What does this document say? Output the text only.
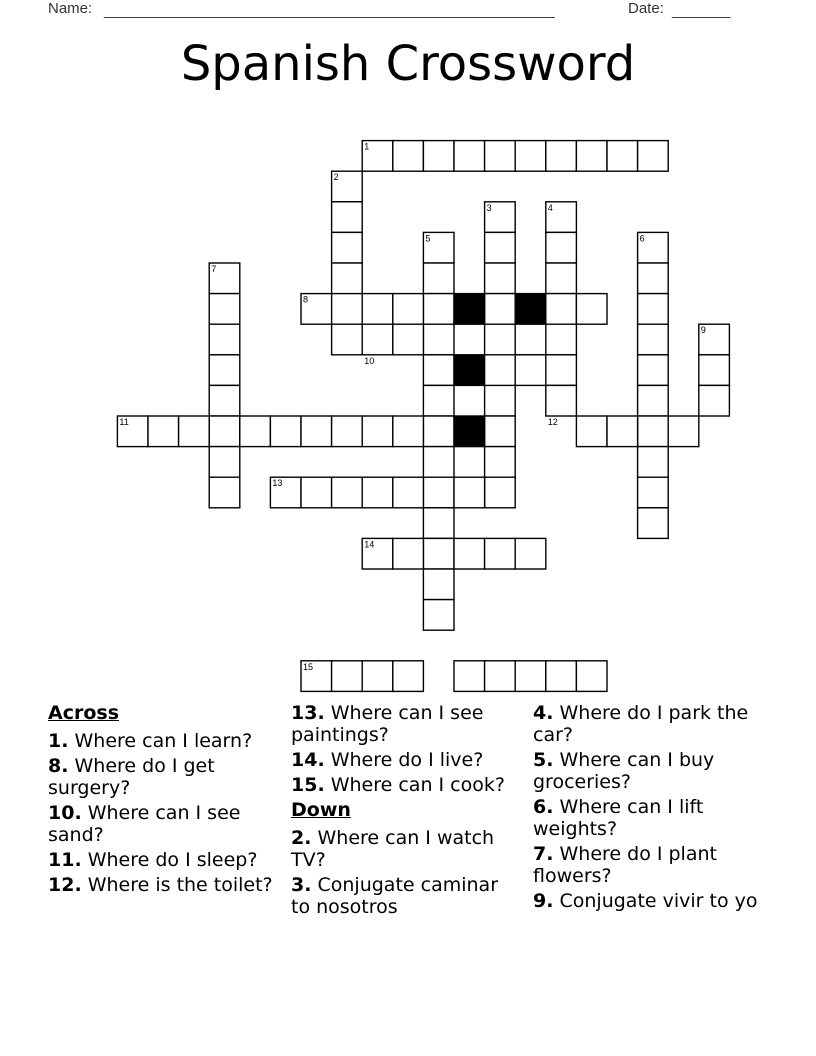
Name: ______________________________________________________	Date: _______
Spanish Crossword
1
2
3	4
5	6
7
8
9
10
11	12
13
14
15
Across
1. Where can I learn?
8. Where do I get surgery?
10. Where can I see sand?
11. Where do I sleep?
12. Where is the toilet?
13. Where can I see paintings?
14. Where do I live?
15. Where can I cook?
Down
2. Where can I watch TV?
3. Conjugate caminar to nosotros
4. Where do I park the car?
5. Where can I buy groceries?
6. Where can I lift weights?
7. Where do I plant flowers?
9. Conjugate vivir to yo
